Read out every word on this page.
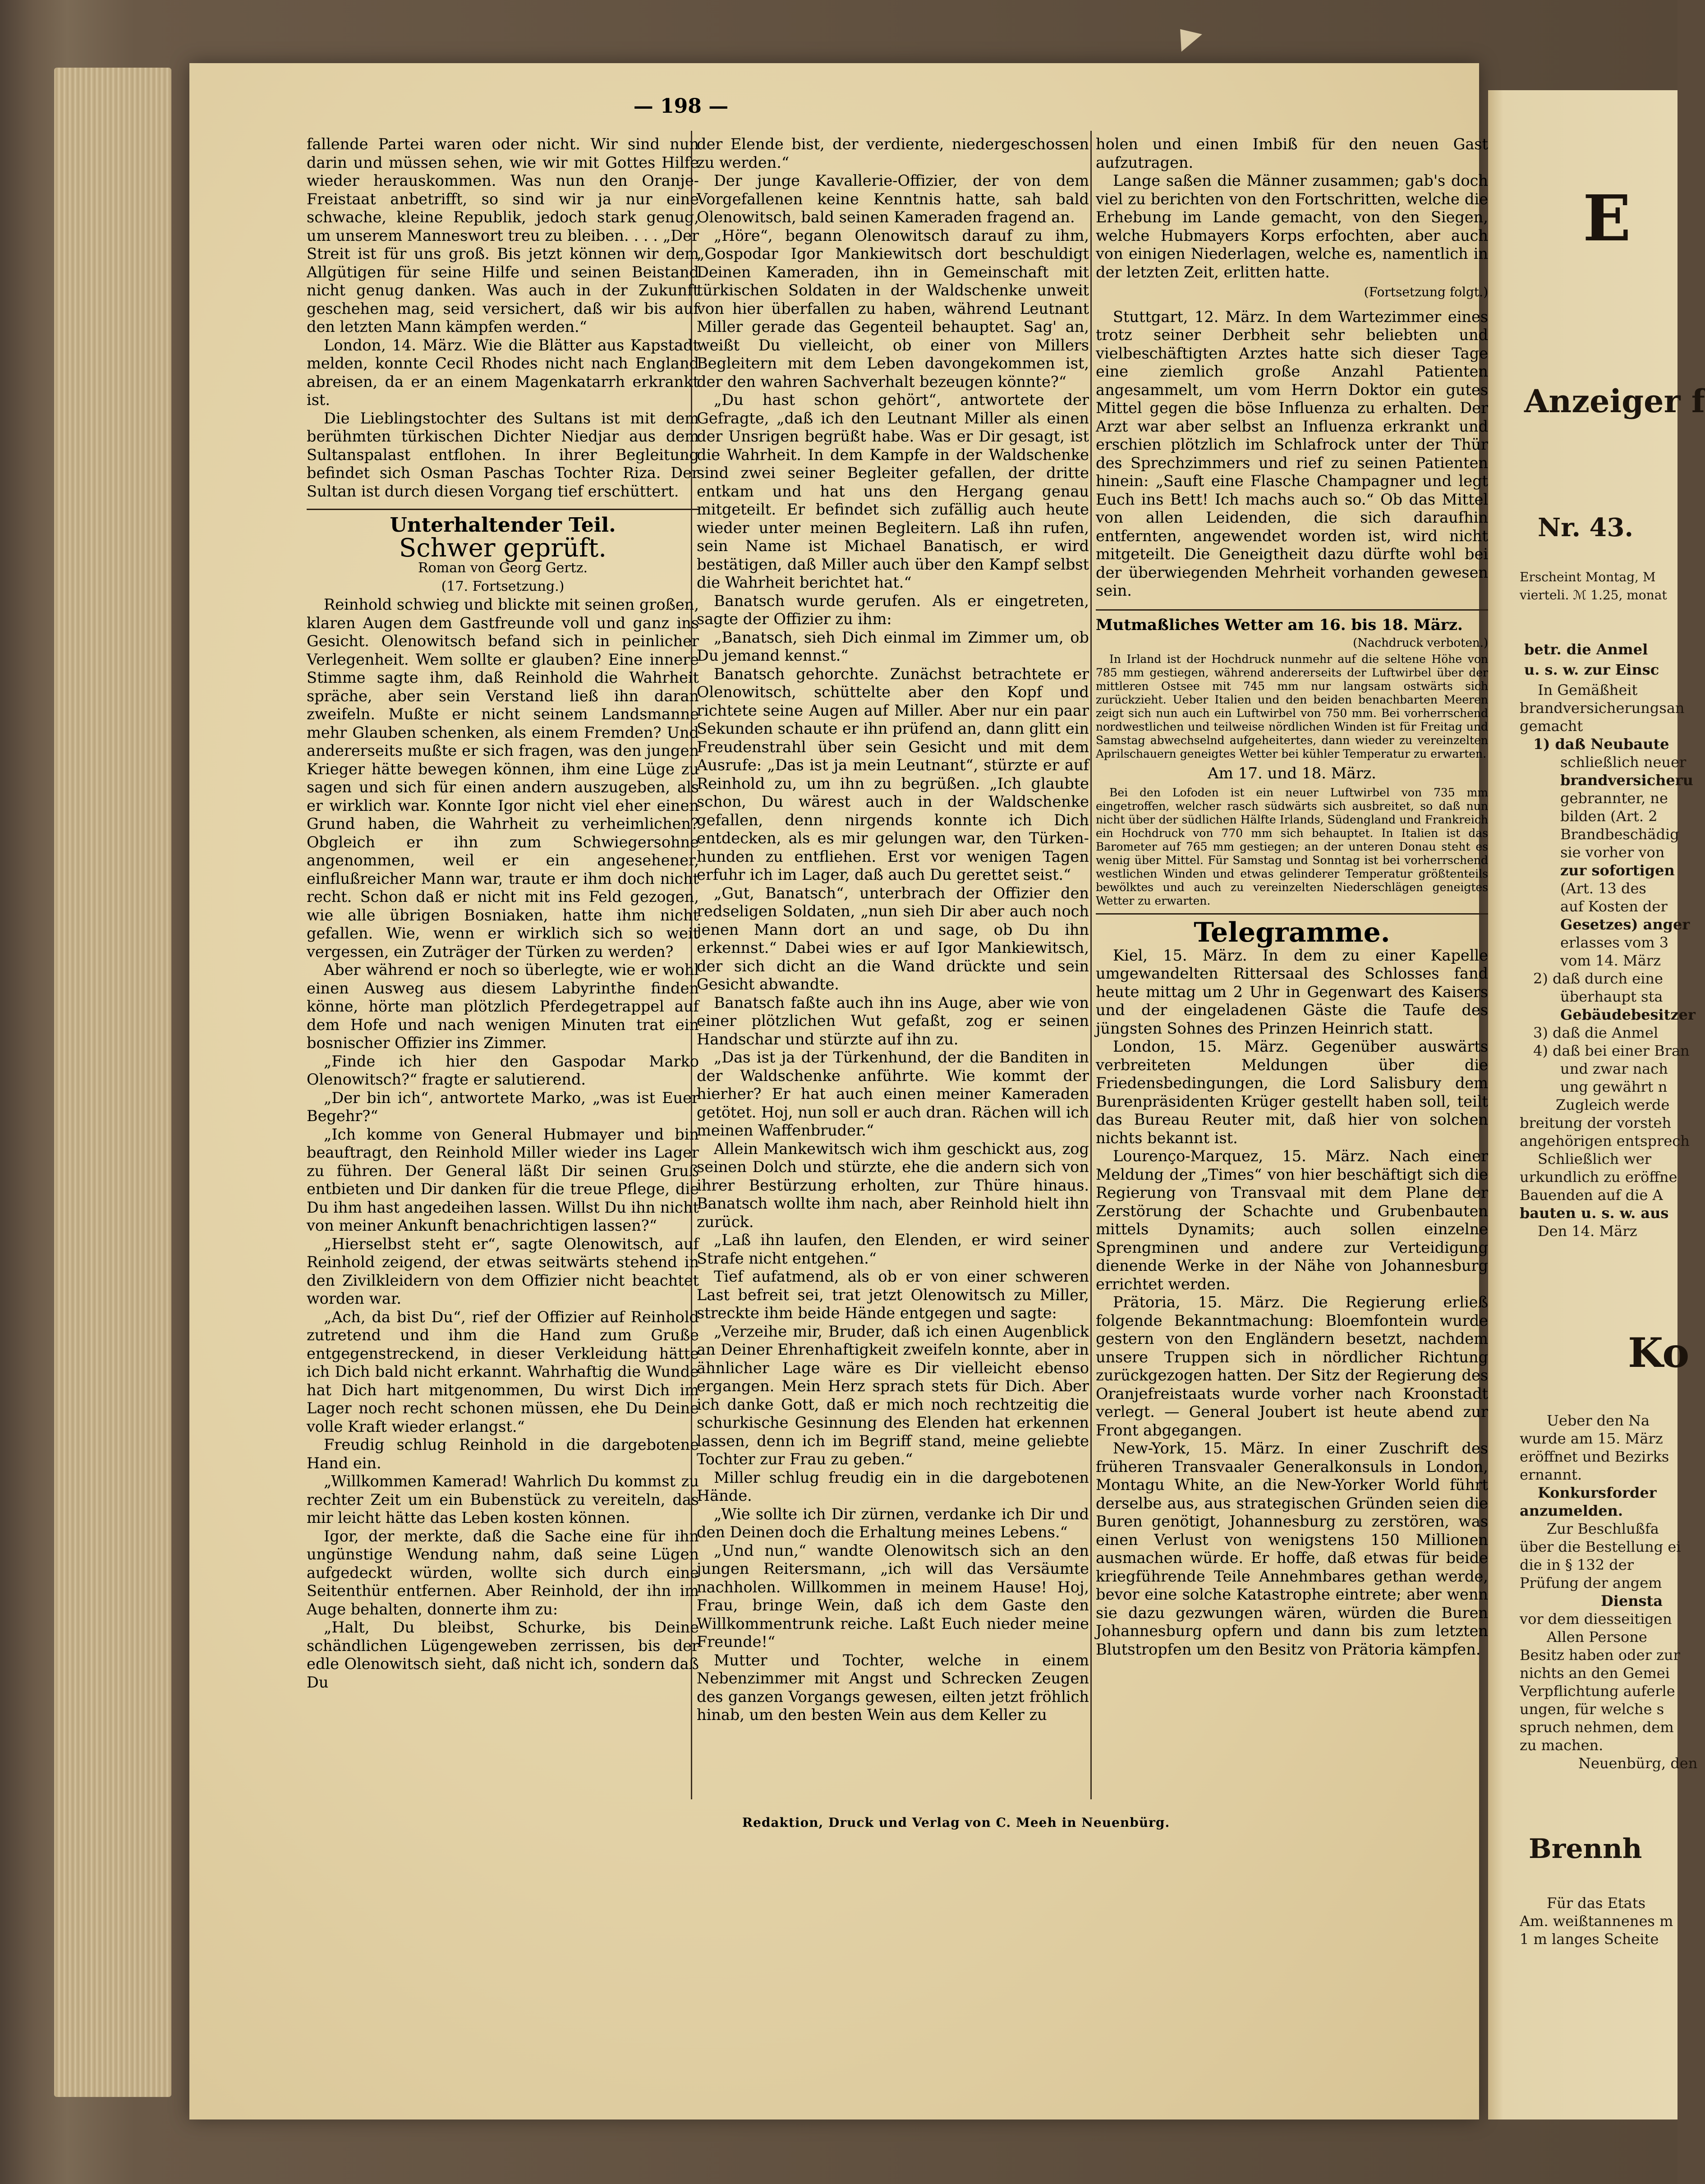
— 198 —

fallende Partei waren oder nicht. Wir sind nun darin und müssen sehen, wie wir mit Gottes Hilfe wieder herauskommen. Was nun den Oranje-Freistaat anbetrifft, so sind wir ja nur eine schwache, kleine Republik, jedoch stark genug, um unserem Manneswort treu zu bleiben. . . . „Der Streit ist für uns groß. Bis jetzt können wir dem Allgütigen für seine Hilfe und seinen Beistand nicht genug danken. Was auch in der Zukunft geschehen mag, seid versichert, daß wir bis auf den letzten Mann kämpfen werden.“

London, 14. März. Wie die Blätter aus Kapstadt melden, konnte Cecil Rhodes nicht nach England abreisen, da er an einem Magenkatarrh erkrankt ist.

Die Lieblingstochter des Sultans ist mit dem berühmten türkischen Dichter Niedjar aus dem Sultanspalast entflohen. In ihrer Begleitung befindet sich Osman Paschas Tochter Riza. Der Sultan ist durch diesen Vorgang tief erschüttert.

Unterhaltender Teil.
Schwer geprüft.
Roman von Georg Gertz.
(17. Fortsetzung.)

Reinhold schwieg und blickte mit seinen großen, klaren Augen dem Gastfreunde voll und ganz ins Gesicht. Olenowitsch befand sich in peinlicher Verlegenheit. Wem sollte er glauben? Eine innere Stimme sagte ihm, daß Reinhold die Wahrheit spräche, aber sein Verstand ließ ihn daran zweifeln. Mußte er nicht seinem Landsmanne mehr Glauben schenken, als einem Fremden? Und andererseits mußte er sich fragen, was den jungen Krieger hätte bewegen können, ihm eine Lüge zu sagen und sich für einen andern auszugeben, als er wirklich war. Konnte Igor nicht viel eher einen Grund haben, die Wahrheit zu verheimlichen? Obgleich er ihn zum Schwiegersohne angenommen, weil er ein angesehener, einflußreicher Mann war, traute er ihm doch nicht recht. Schon daß er nicht mit ins Feld gezogen, wie alle übrigen Bosniaken, hatte ihm nicht gefallen. Wie, wenn er wirklich sich so weit vergessen, ein Zuträger der Türken zu werden?

Aber während er noch so überlegte, wie er wohl einen Ausweg aus diesem Labyrinthe finden könne, hörte man plötzlich Pferdegetrappel auf dem Hofe und nach wenigen Minuten trat ein bosnischer Offizier ins Zimmer.

„Finde ich hier den Gaspodar Marko Olenowitsch?“ fragte er salutierend.

„Der bin ich“, antwortete Marko, „was ist Euer Begehr?“

„Ich komme von General Hubmayer und bin beauftragt, den Reinhold Miller wieder ins Lager zu führen. Der General läßt Dir seinen Gruß entbieten und Dir danken für die treue Pflege, die Du ihm hast angedeihen lassen. Willst Du ihn nicht von meiner Ankunft benachrichtigen lassen?“

„Hierselbst steht er“, sagte Olenowitsch, auf Reinhold zeigend, der etwas seitwärts stehend in den Zivilkleidern von dem Offizier nicht beachtet worden war.

„Ach, da bist Du“, rief der Offizier auf Reinhold zutretend und ihm die Hand zum Gruße entgegenstreckend, in dieser Verkleidung hätte ich Dich bald nicht erkannt. Wahrhaftig die Wunde hat Dich hart mitgenommen, Du wirst Dich im Lager noch recht schonen müssen, ehe Du Deine volle Kraft wieder erlangst.“

Freudig schlug Reinhold in die dargebotene Hand ein.

„Willkommen Kamerad! Wahrlich Du kommst zu rechter Zeit um ein Bubenstück zu vereiteln, das mir leicht hätte das Leben kosten können.

Igor, der merkte, daß die Sache eine für ihn ungünstige Wendung nahm, daß seine Lügen aufgedeckt würden, wollte sich durch eine Seitenthür entfernen. Aber Reinhold, der ihn im Auge behalten, donnerte ihm zu:

„Halt, Du bleibst, Schurke, bis Deine schändlichen Lügengeweben zerrissen, bis der edle Olenowitsch sieht, daß nicht ich, sondern daß Du

der Elende bist, der verdiente, niedergeschossen zu werden.“

Der junge Kavallerie-Offizier, der von dem Vorgefallenen keine Kenntnis hatte, sah bald Olenowitsch, bald seinen Kameraden fragend an.

„Höre“, begann Olenowitsch darauf zu ihm, „Gospodar Igor Mankiewitsch dort beschuldigt Deinen Kameraden, ihn in Gemeinschaft mit türkischen Soldaten in der Waldschenke unweit von hier überfallen zu haben, während Leutnant Miller gerade das Gegenteil behauptet. Sag' an, weißt Du vielleicht, ob einer von Millers Begleitern mit dem Leben davongekommen ist, der den wahren Sachverhalt bezeugen könnte?“

„Du hast schon gehört“, antwortete der Gefragte, „daß ich den Leutnant Miller als einen der Unsrigen begrüßt habe. Was er Dir gesagt, ist die Wahrheit. In dem Kampfe in der Waldschenke sind zwei seiner Begleiter gefallen, der dritte entkam und hat uns den Hergang genau mitgeteilt. Er befindet sich zufällig auch heute wieder unter meinen Begleitern. Laß ihn rufen, sein Name ist Michael Banatisch, er wird bestätigen, daß Miller auch über den Kampf selbst die Wahrheit berichtet hat.“

Banatsch wurde gerufen. Als er eingetreten, sagte der Offizier zu ihm:

„Banatsch, sieh Dich einmal im Zimmer um, ob Du jemand kennst.“

Banatsch gehorchte. Zunächst betrachtete er Olenowitsch, schüttelte aber den Kopf und richtete seine Augen auf Miller. Aber nur ein paar Sekunden schaute er ihn prüfend an, dann glitt ein Freudenstrahl über sein Gesicht und mit dem Ausrufe: „Das ist ja mein Leutnant“, stürzte er auf Reinhold zu, um ihn zu begrüßen. „Ich glaubte schon, Du wärest auch in der Waldschenke gefallen, denn nirgends konnte ich Dich entdecken, als es mir gelungen war, den Türken-hunden zu entfliehen. Erst vor wenigen Tagen erfuhr ich im Lager, daß auch Du gerettet seist.“

„Gut, Banatsch“, unterbrach der Offizier den redseligen Soldaten, „nun sieh Dir aber auch noch jenen Mann dort an und sage, ob Du ihn erkennst.“ Dabei wies er auf Igor Mankiewitsch, der sich dicht an die Wand drückte und sein Gesicht abwandte.

Banatsch faßte auch ihn ins Auge, aber wie von einer plötzlichen Wut gefaßt, zog er seinen Handschar und stürzte auf ihn zu.

„Das ist ja der Türkenhund, der die Banditen in der Waldschenke anführte. Wie kommt der hierher? Er hat auch einen meiner Kameraden getötet. Hoj, nun soll er auch dran. Rächen will ich meinen Waffenbruder.“

Allein Mankewitsch wich ihm geschickt aus, zog seinen Dolch und stürzte, ehe die andern sich von ihrer Bestürzung erholten, zur Thüre hinaus. Banatsch wollte ihm nach, aber Reinhold hielt ihn zurück.

„Laß ihn laufen, den Elenden, er wird seiner Strafe nicht entgehen.“

Tief aufatmend, als ob er von einer schweren Last befreit sei, trat jetzt Olenowitsch zu Miller, streckte ihm beide Hände entgegen und sagte:

„Verzeihe mir, Bruder, daß ich einen Augenblick an Deiner Ehrenhaftigkeit zweifeln konnte, aber in ähnlicher Lage wäre es Dir vielleicht ebenso ergangen. Mein Herz sprach stets für Dich. Aber ich danke Gott, daß er mich noch rechtzeitig die schurkische Gesinnung des Elenden hat erkennen lassen, denn ich im Begriff stand, meine geliebte Tochter zur Frau zu geben.“

Miller schlug freudig ein in die dargebotenen Hände.

„Wie sollte ich Dir zürnen, verdanke ich Dir und den Deinen doch die Erhaltung meines Lebens.“

„Und nun,“ wandte Olenowitsch sich an den jungen Reitersmann, „ich will das Versäumte nachholen. Willkommen in meinem Hause! Hoj, Frau, bringe Wein, daß ich dem Gaste den Willkommentrunk reiche. Laßt Euch nieder meine Freunde!“

Mutter und Tochter, welche in einem Nebenzimmer mit Angst und Schrecken Zeugen des ganzen Vorgangs gewesen, eilten jetzt fröhlich hinab, um den besten Wein aus dem Keller zu

holen und einen Imbiß für den neuen Gast aufzutragen.

Lange saßen die Männer zusammen; gab's doch viel zu berichten von den Fortschritten, welche die Erhebung im Lande gemacht, von den Siegen, welche Hubmayers Korps erfochten, aber auch von einigen Niederlagen, welche es, namentlich in der letzten Zeit, erlitten hatte.

(Fortsetzung folgt.)

Stuttgart, 12. März. In dem Wartezimmer eines trotz seiner Derbheit sehr beliebten und vielbeschäftigten Arztes hatte sich dieser Tage eine ziemlich große Anzahl Patienten angesammelt, um vom Herrn Doktor ein gutes Mittel gegen die böse Influenza zu erhalten. Der Arzt war aber selbst an Influenza erkrankt und erschien plötzlich im Schlafrock unter der Thür des Sprechzimmers und rief zu seinen Patienten hinein: „Sauft eine Flasche Champagner und legt Euch ins Bett! Ich machs auch so.“ Ob das Mittel von allen Leidenden, die sich daraufhin entfernten, angewendet worden ist, wird nicht mitgeteilt. Die Geneigtheit dazu dürfte wohl bei der überwiegenden Mehrheit vorhanden gewesen sein.

Mutmaßliches Wetter am 16. bis 18. März.
(Nachdruck verboten.)

In Irland ist der Hochdruck nunmehr auf die seltene Höhe von 785 mm gestiegen, während andererseits der Luftwirbel über der mittleren Ostsee mit 745 mm nur langsam ostwärts sich zurückzieht. Ueber Italien und den beiden benachbarten Meeren zeigt sich nun auch ein Luftwirbel von 750 mm. Bei vorherrschend nordwestlichen und teilweise nördlichen Winden ist für Freitag und Samstag abwechselnd aufgeheitertes, dann wieder zu vereinzelten Aprilschauern geneigtes Wetter bei kühler Temperatur zu erwarten.

Am 17. und 18. März.

Bei den Lofoden ist ein neuer Luftwirbel von 735 mm eingetroffen, welcher rasch südwärts sich ausbreitet, so daß nun nicht über der südlichen Hälfte Irlands, Südengland und Frankreich ein Hochdruck von 770 mm sich behauptet. In Italien ist das Barometer auf 765 mm gestiegen; an der unteren Donau steht es wenig über Mittel. Für Samstag und Sonntag ist bei vorherrschend westlichen Winden und etwas gelinderer Temperatur größtenteils bewölktes und auch zu vereinzelten Niederschlägen geneigtes Wetter zu erwarten.

Telegramme.

Kiel, 15. März. In dem zu einer Kapelle umgewandelten Rittersaal des Schlosses fand heute mittag um 2 Uhr in Gegenwart des Kaisers und der eingeladenen Gäste die Taufe des jüngsten Sohnes des Prinzen Heinrich statt.

London, 15. März. Gegenüber auswärts verbreiteten Meldungen über die Friedensbedingungen, die Lord Salisbury dem Burenpräsidenten Krüger gestellt haben soll, teilt das Bureau Reuter mit, daß hier von solchen nichts bekannt ist.

Lourenço-Marquez, 15. März. Nach einer Meldung der „Times“ von hier beschäftigt sich die Regierung von Transvaal mit dem Plane der Zerstörung der Schachte und Grubenbauten mittels Dynamits; auch sollen einzelne Sprengminen und andere zur Verteidigung dienende Werke in der Nähe von Johannesburg errichtet werden.

Prätoria, 15. März. Die Regierung erließ folgende Bekanntmachung: Bloemfontein wurde gestern von den Engländern besetzt, nachdem unsere Truppen sich in nördlicher Richtung zurückgezogen hatten. Der Sitz der Regierung des Oranjefreistaats wurde vorher nach Kroonstadt verlegt. — General Joubert ist heute abend zur Front abgegangen.

New-York, 15. März. In einer Zuschrift des früheren Transvaaler Generalkonsuls in London, Montagu White, an die New-Yorker World führt derselbe aus, aus strategischen Gründen seien die Buren genötigt, Johannesburg zu zerstören, was einen Verlust von wenigstens 150 Millionen ausmachen würde. Er hoffe, daß etwas für beide kriegführende Teile Annehmbares gethan werde, bevor eine solche Katastrophe eintrete; aber wenn sie dazu gezwungen wären, würden die Buren Johannesburg opfern und dann bis zum letzten Blutstropfen um den Besitz von Prätoria kämpfen.

Redaktion, Druck und Verlag von C. Meeh in Neuenbürg.
E
Anzeiger f
Nr. 43.
Erscheint Montag, M
vierteli. ℳ 1.25, monat
betr. die Anmel
u. s. w. zur Einsc
In Gemäßheit
brandversicherungsan
gemacht
1) daß Neubaute
schließlich neuer
brandversicheru
gebrannter, ne
bilden (Art. 2
Brandbeschädig
sie vorher von
zur sofortigen
(Art. 13 des
auf Kosten der
Gesetzes) anger
erlasses vom 3
vom 14. März
2) daß durch eine
überhaupt sta
Gebäudebesitzer
3) daß die Anmel
4) daß bei einer Bran
und zwar nach
ung gewährt n
Zugleich werde
breitung der vorsteh
angehörigen entsprech
Schließlich wer
urkundlich zu eröffne
Bauenden auf die A
bauten u. s. w. aus
Den 14. März
Ko
Ueber den Na
wurde am 15. März
eröffnet und Bezirks
ernannt.
Konkursforder
anzumelden.
Zur Beschlußfa
über die Bestellung ei
die in § 132 der
Prüfung der angem
Diensta
vor dem diesseitigen
Allen Persone
Besitz haben oder zur
nichts an den Gemei
Verpflichtung auferle
ungen, für welche s
spruch nehmen, dem
zu machen.
Neuenbürg, den
Brennh
Für das Etats
Am. weißtannenes m
1 m langes Scheite
